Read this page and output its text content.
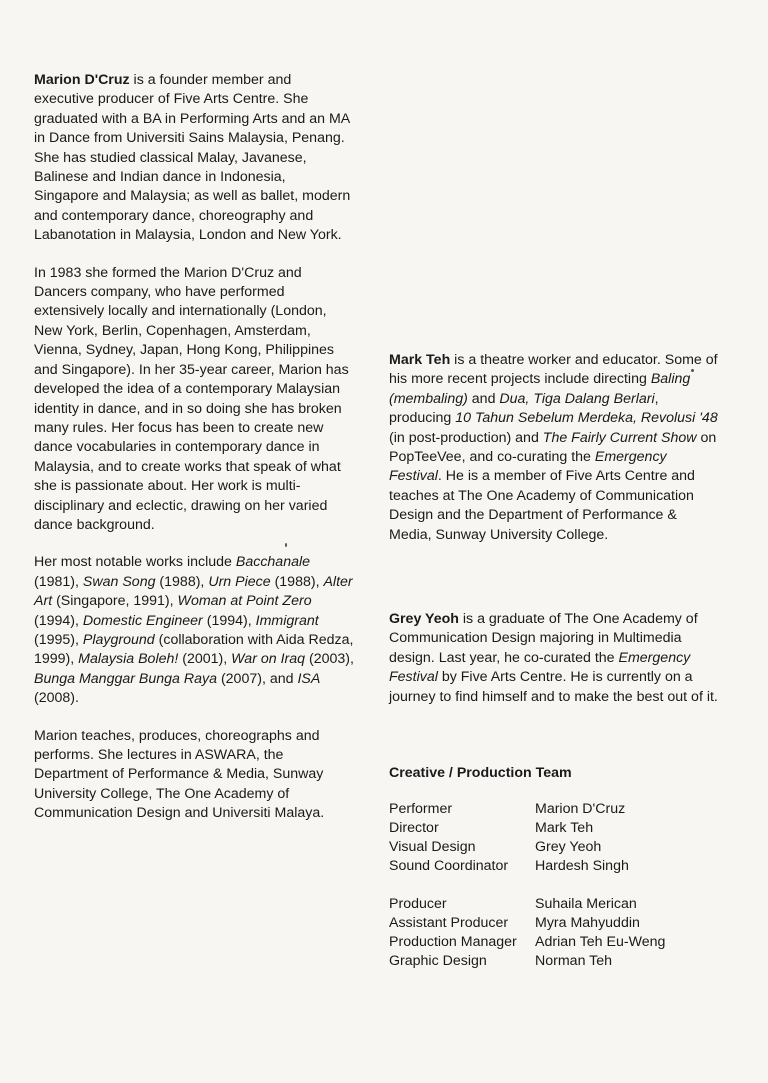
Marion D'Cruz is a founder member and executive producer of Five Arts Centre. She graduated with a BA in Performing Arts and an MA in Dance from Universiti Sains Malaysia, Penang. She has studied classical Malay, Javanese, Balinese and Indian dance in Indonesia, Singapore and Malaysia; as well as ballet, modern and contemporary dance, choreography and Labanotation in Malaysia, London and New York.

In 1983 she formed the Marion D'Cruz and Dancers company, who have performed extensively locally and internationally (London, New York, Berlin, Copenhagen, Amsterdam, Vienna, Sydney, Japan, Hong Kong, Philippines and Singapore). In her 35-year career, Marion has developed the idea of a contemporary Malaysian identity in dance, and in so doing she has broken many rules. Her focus has been to create new dance vocabularies in contemporary dance in Malaysia, and to create works that speak of what she is passionate about. Her work is multi-disciplinary and eclectic, drawing on her varied dance background.

Her most notable works include Bacchanale (1981), Swan Song (1988), Urn Piece (1988), Alter Art (Singapore, 1991), Woman at Point Zero (1994), Domestic Engineer (1994), Immigrant (1995), Playground (collaboration with Aida Redza, 1999), Malaysia Boleh! (2001), War on Iraq (2003), Bunga Manggar Bunga Raya (2007), and ISA (2008).

Marion teaches, produces, choreographs and performs. She lectures in ASWARA, the Department of Performance & Media, Sunway University College, The One Academy of Communication Design and Universiti Malaya.

Mark Teh is a theatre worker and educator. Some of his more recent projects include directing Baling (membaling) and Dua, Tiga Dalang Berlari, producing 10 Tahun Sebelum Merdeka, Revolusi '48 (in post-production) and The Fairly Current Show on PopTeeVee, and co-curating the Emergency Festival. He is a member of Five Arts Centre and teaches at The One Academy of Communication Design and the Department of Performance & Media, Sunway University College.

Grey Yeoh is a graduate of The One Academy of Communication Design majoring in Multimedia design. Last year, he co-curated the Emergency Festival by Five Arts Centre. He is currently on a journey to find himself and to make the best out of it.

Creative / Production Team
Performer	Marion D'Cruz
Director	Mark Teh
Visual Design	Grey Yeoh
Sound Coordinator	Hardesh Singh
Producer	Suhaila Merican
Assistant Producer	Myra Mahyuddin
Production Manager	Adrian Teh Eu-Weng
Graphic Design	Norman Teh
